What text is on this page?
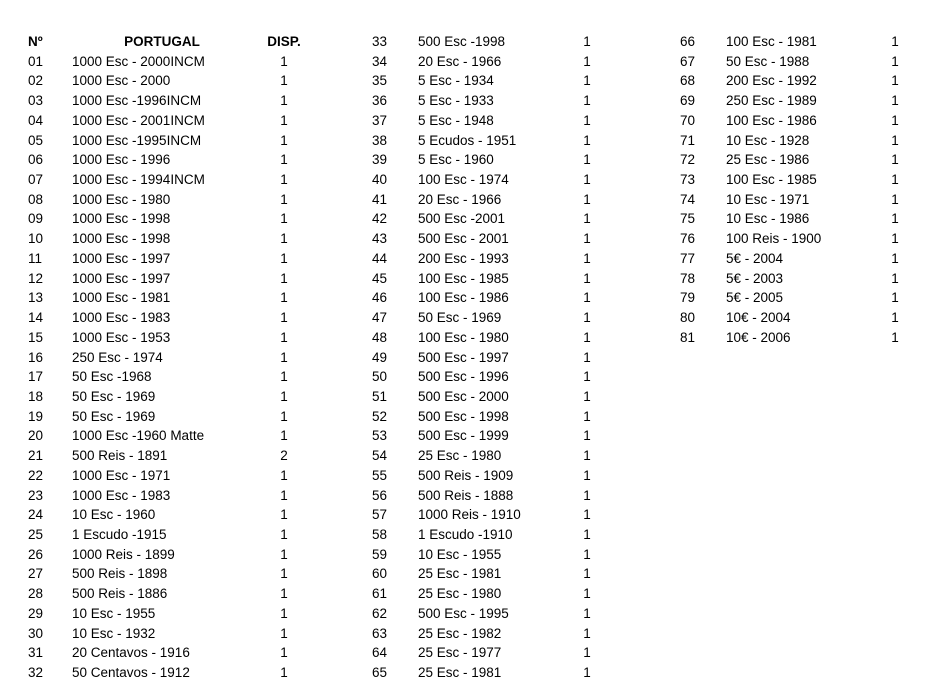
Nº	PORTUGAL	DISP.
01	1000 Esc - 2000INCM	1
02	1000 Esc - 2000	1
03	1000 Esc -1996INCM	1
04	1000 Esc - 2001INCM	1
05	1000 Esc -1995INCM	1
06	1000 Esc - 1996	1
07	1000 Esc - 1994INCM	1
08	1000 Esc - 1980	1
09	1000 Esc - 1998	1
10	1000 Esc - 1998	1
11	1000 Esc - 1997	1
12	1000 Esc - 1997	1
13	1000 Esc - 1981	1
14	1000 Esc - 1983	1
15	1000 Esc - 1953	1
16	250 Esc - 1974	1
17	50 Esc -1968	1
18	50 Esc - 1969	1
19	50 Esc - 1969	1
20	1000 Esc -1960 Matte	1
21	500 Reis - 1891	2
22	1000 Esc - 1971	1
23	1000 Esc - 1983	1
24	10 Esc - 1960	1
25	1 Escudo -1915	1
26	1000 Reis - 1899	1
27	500 Reis - 1898	1
28	500 Reis - 1886	1
29	10 Esc - 1955	1
30	10 Esc - 1932	1
31	20 Centavos - 1916	1
32	50 Centavos - 1912	1
33	500 Esc -1998	1
34	20 Esc - 1966	1
35	5 Esc - 1934	1
36	5 Esc - 1933	1
37	5 Esc - 1948	1
38	5 Ecudos - 1951	1
39	5 Esc - 1960	1
40	100 Esc - 1974	1
41	20 Esc - 1966	1
42	500 Esc -2001	1
43	500 Esc - 2001	1
44	200 Esc - 1993	1
45	100 Esc - 1985	1
46	100 Esc - 1986	1
47	50 Esc - 1969	1
48	100 Esc - 1980	1
49	500 Esc - 1997	1
50	500 Esc - 1996	1
51	500 Esc - 2000	1
52	500 Esc - 1998	1
53	500 Esc - 1999	1
54	25 Esc - 1980	1
55	500 Reis - 1909	1
56	500 Reis - 1888	1
57	1000 Reis - 1910	1
58	1 Escudo -1910	1
59	10 Esc - 1955	1
60	25 Esc - 1981	1
61	25 Esc - 1980	1
62	500 Esc - 1995	1
63	25 Esc - 1982	1
64	25 Esc - 1977	1
65	25 Esc - 1981	1
66	100 Esc - 1981	1
67	50 Esc - 1988	1
68	200 Esc - 1992	1
69	250 Esc - 1989	1
70	100 Esc - 1986	1
71	10 Esc - 1928	1
72	25 Esc - 1986	1
73	100 Esc - 1985	1
74	10 Esc - 1971	1
75	10 Esc - 1986	1
76	100 Reis - 1900	1
77	5€ - 2004	1
78	5€ - 2003	1
79	5€ - 2005	1
80	10€ - 2004	1
81	10€ - 2006	1
